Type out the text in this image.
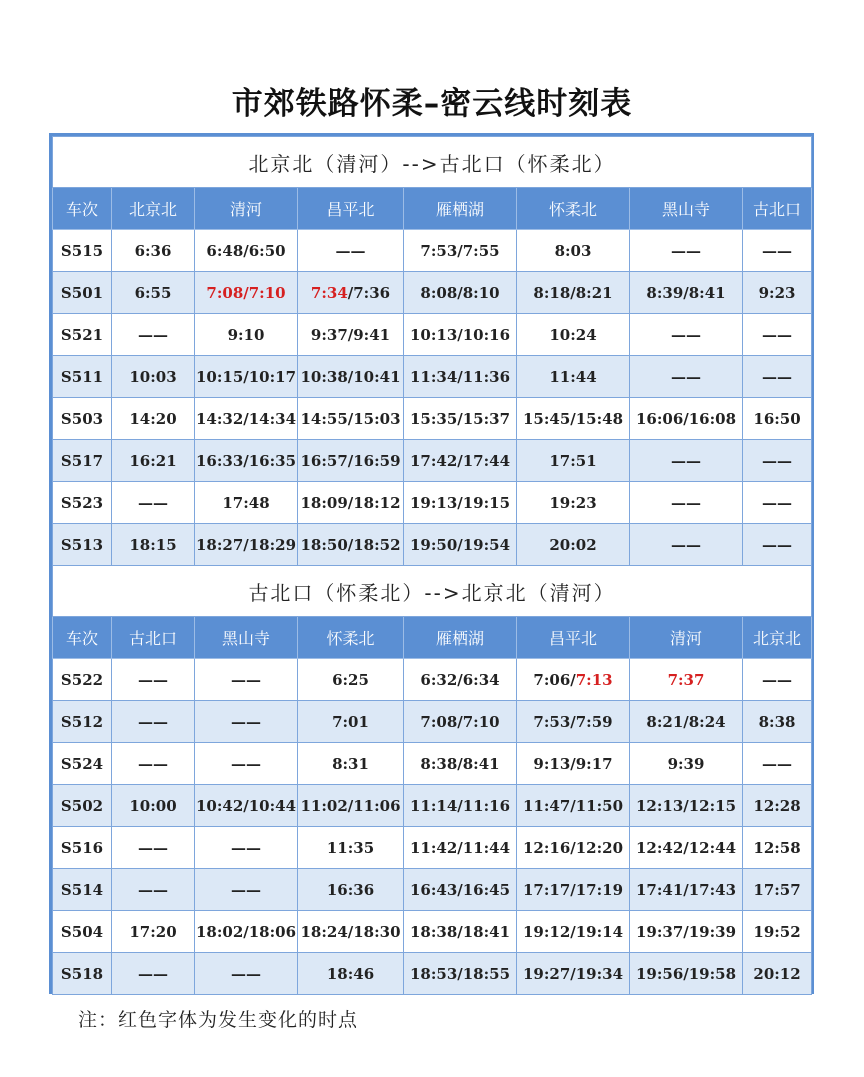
市郊铁路怀柔–密云线时刻表
北京北（清河）-->古北口（怀柔北）							
车次	北京北	清河	昌平北	雁栖湖	怀柔北	黑山寺	古北口
S515	6:36	6:48/6:50	——	7:53/7:55	8:03	——	——
S501	6:55	7:08/7:10	7:34/7:36	8:08/8:10	8:18/8:21	8:39/8:41	9:23
S521	——	9:10	9:37/9:41	10:13/10:16	10:24	——	——
S511	10:03	10:15/10:17	10:38/10:41	11:34/11:36	11:44	——	——
S503	14:20	14:32/14:34	14:55/15:03	15:35/15:37	15:45/15:48	16:06/16:08	16:50
S517	16:21	16:33/16:35	16:57/16:59	17:42/17:44	17:51	——	——
S523	——	17:48	18:09/18:12	19:13/19:15	19:23	——	——
S513	18:15	18:27/18:29	18:50/18:52	19:50/19:54	20:02	——	——
古北口（怀柔北）-->北京北（清河）							
车次	古北口	黑山寺	怀柔北	雁栖湖	昌平北	清河	北京北
S522	——	——	6:25	6:32/6:34	7:06/7:13	7:37	——
S512	——	——	7:01	7:08/7:10	7:53/7:59	8:21/8:24	8:38
S524	——	——	8:31	8:38/8:41	9:13/9:17	9:39	——
S502	10:00	10:42/10:44	11:02/11:06	11:14/11:16	11:47/11:50	12:13/12:15	12:28
S516	——	——	11:35	11:42/11:44	12:16/12:20	12:42/12:44	12:58
S514	——	——	16:36	16:43/16:45	17:17/17:19	17:41/17:43	17:57
S504	17:20	18:02/18:06	18:24/18:30	18:38/18:41	19:12/19:14	19:37/19:39	19:52
S518	——	——	18:46	18:53/18:55	19:27/19:34	19:56/19:58	20:12
注：红色字体为发生变化的时点
